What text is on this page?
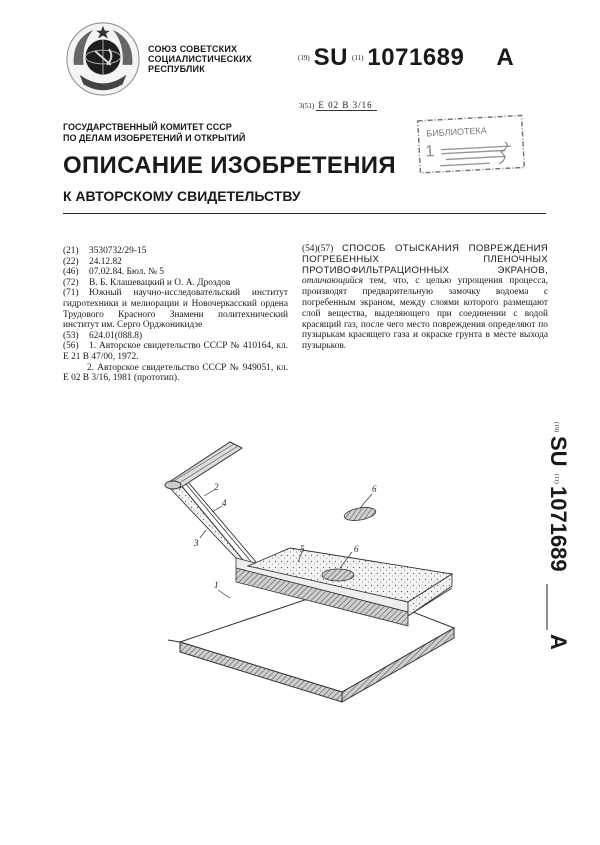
СОЮЗ СОВЕТСКИХ
СОЦИАЛИСТИЧЕСКИХ
РЕСПУБЛИК
(19) SU (11) 1071689 A
3(51) E 02 B 3/16
БИБЛИОТЕКА
1
ГОСУДАРСТВЕННЫЙ КОМИТЕТ СССР
ПО ДЕЛАМ ИЗОБРЕТЕНИЙ И ОТКРЫТИЙ
ОПИСАНИЕ ИЗОБРЕТЕНИЯ
К АВТОРСКОМУ СВИДЕТЕЛЬСТВУ
(21) 3530732/29-15
(22) 24.12.82
(46) 07.02.84. Бюл. № 5
(72) В. Б. Клашевацкий и О. А. Дроздов
(71) Южный научно-исследовательский институт гидротехники и мелиорации и Новочеркасский ордена Трудового Красного Знамени политехнический институт им. Серго Орджоникидзе
(53) 624.01(088.8)
(56) 1. Авторское свидетельство СССР № 410164, кл. Е 21 В 47/00, 1972.
2. Авторское свидетельство СССР № 949051, кл. Е 02 В 3/16, 1981 (прототип).
(54)(57) СПОСОБ ОТЫСКАНИЯ ПОВРЕЖДЕНИЯ ПОГРЕБЕННЫХ ПЛЕНОЧНЫХ ПРОТИВОФИЛЬТРАЦИОННЫХ ЭКРАНОВ, отличающийся тем, что, с целью упрощения процесса, производят предварительную замочку водоема с погребенным экраном, между слоями которого размещают слой вещества, выделяющего при соединении с водой красящий газ, после чего место повреждения определяют по пузырькам красящего газа и окраске грунта в месте выхода пузырьков.
(19)
SU
(11)
1071689
A
2
4
3
1
5	6
6
